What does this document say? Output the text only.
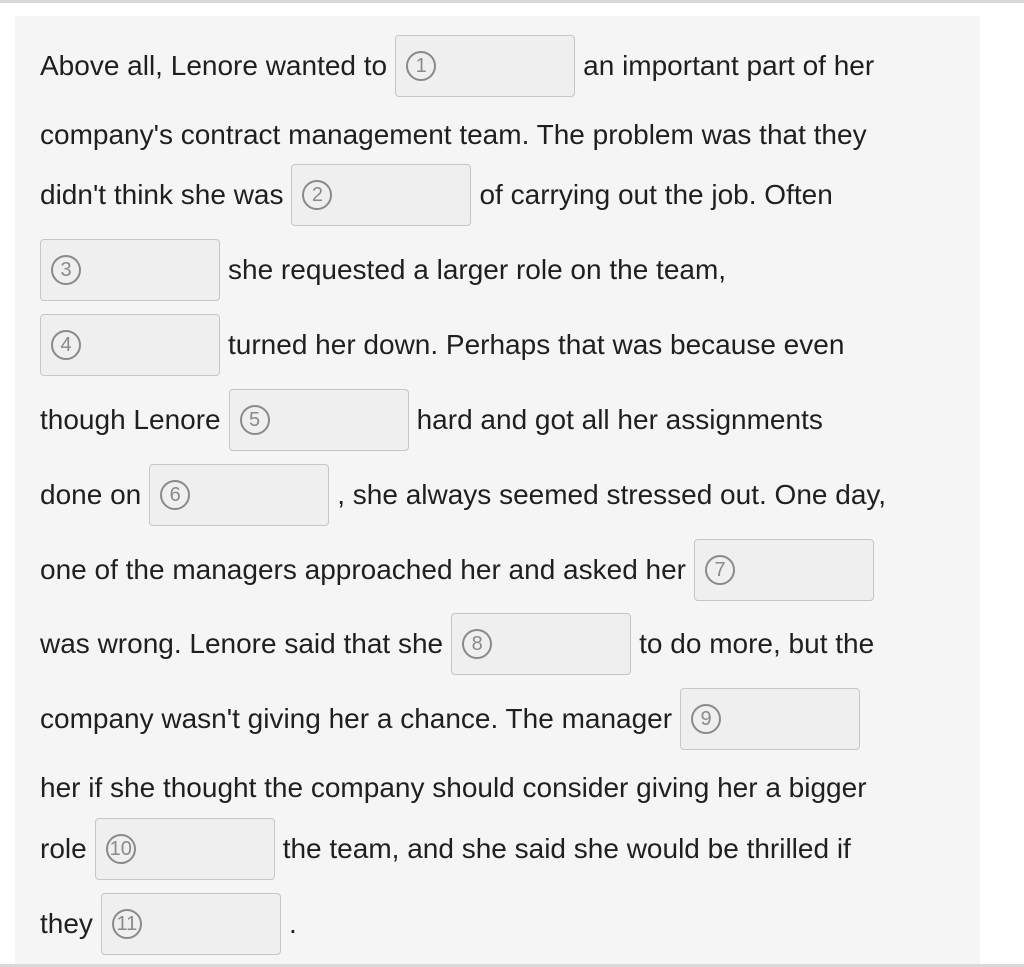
Above all, Lenore wanted to	1	an important part of her
company's contract management team. The problem was that they
didn't think she was	2	of carrying out the job. Often
3	she requested a larger role on the team,
4	turned her down. Perhaps that was because even
though Lenore	5	hard and got all her assignments
done on	6	, she always seemed stressed out. One day,
one of the managers approached her and asked her	7
was wrong. Lenore said that she	8	to do more, but the
company wasn't giving her a chance. The manager	9
her if she thought the company should consider giving her a bigger
role 10	the team, and she said she would be thrilled if
they 11	.
